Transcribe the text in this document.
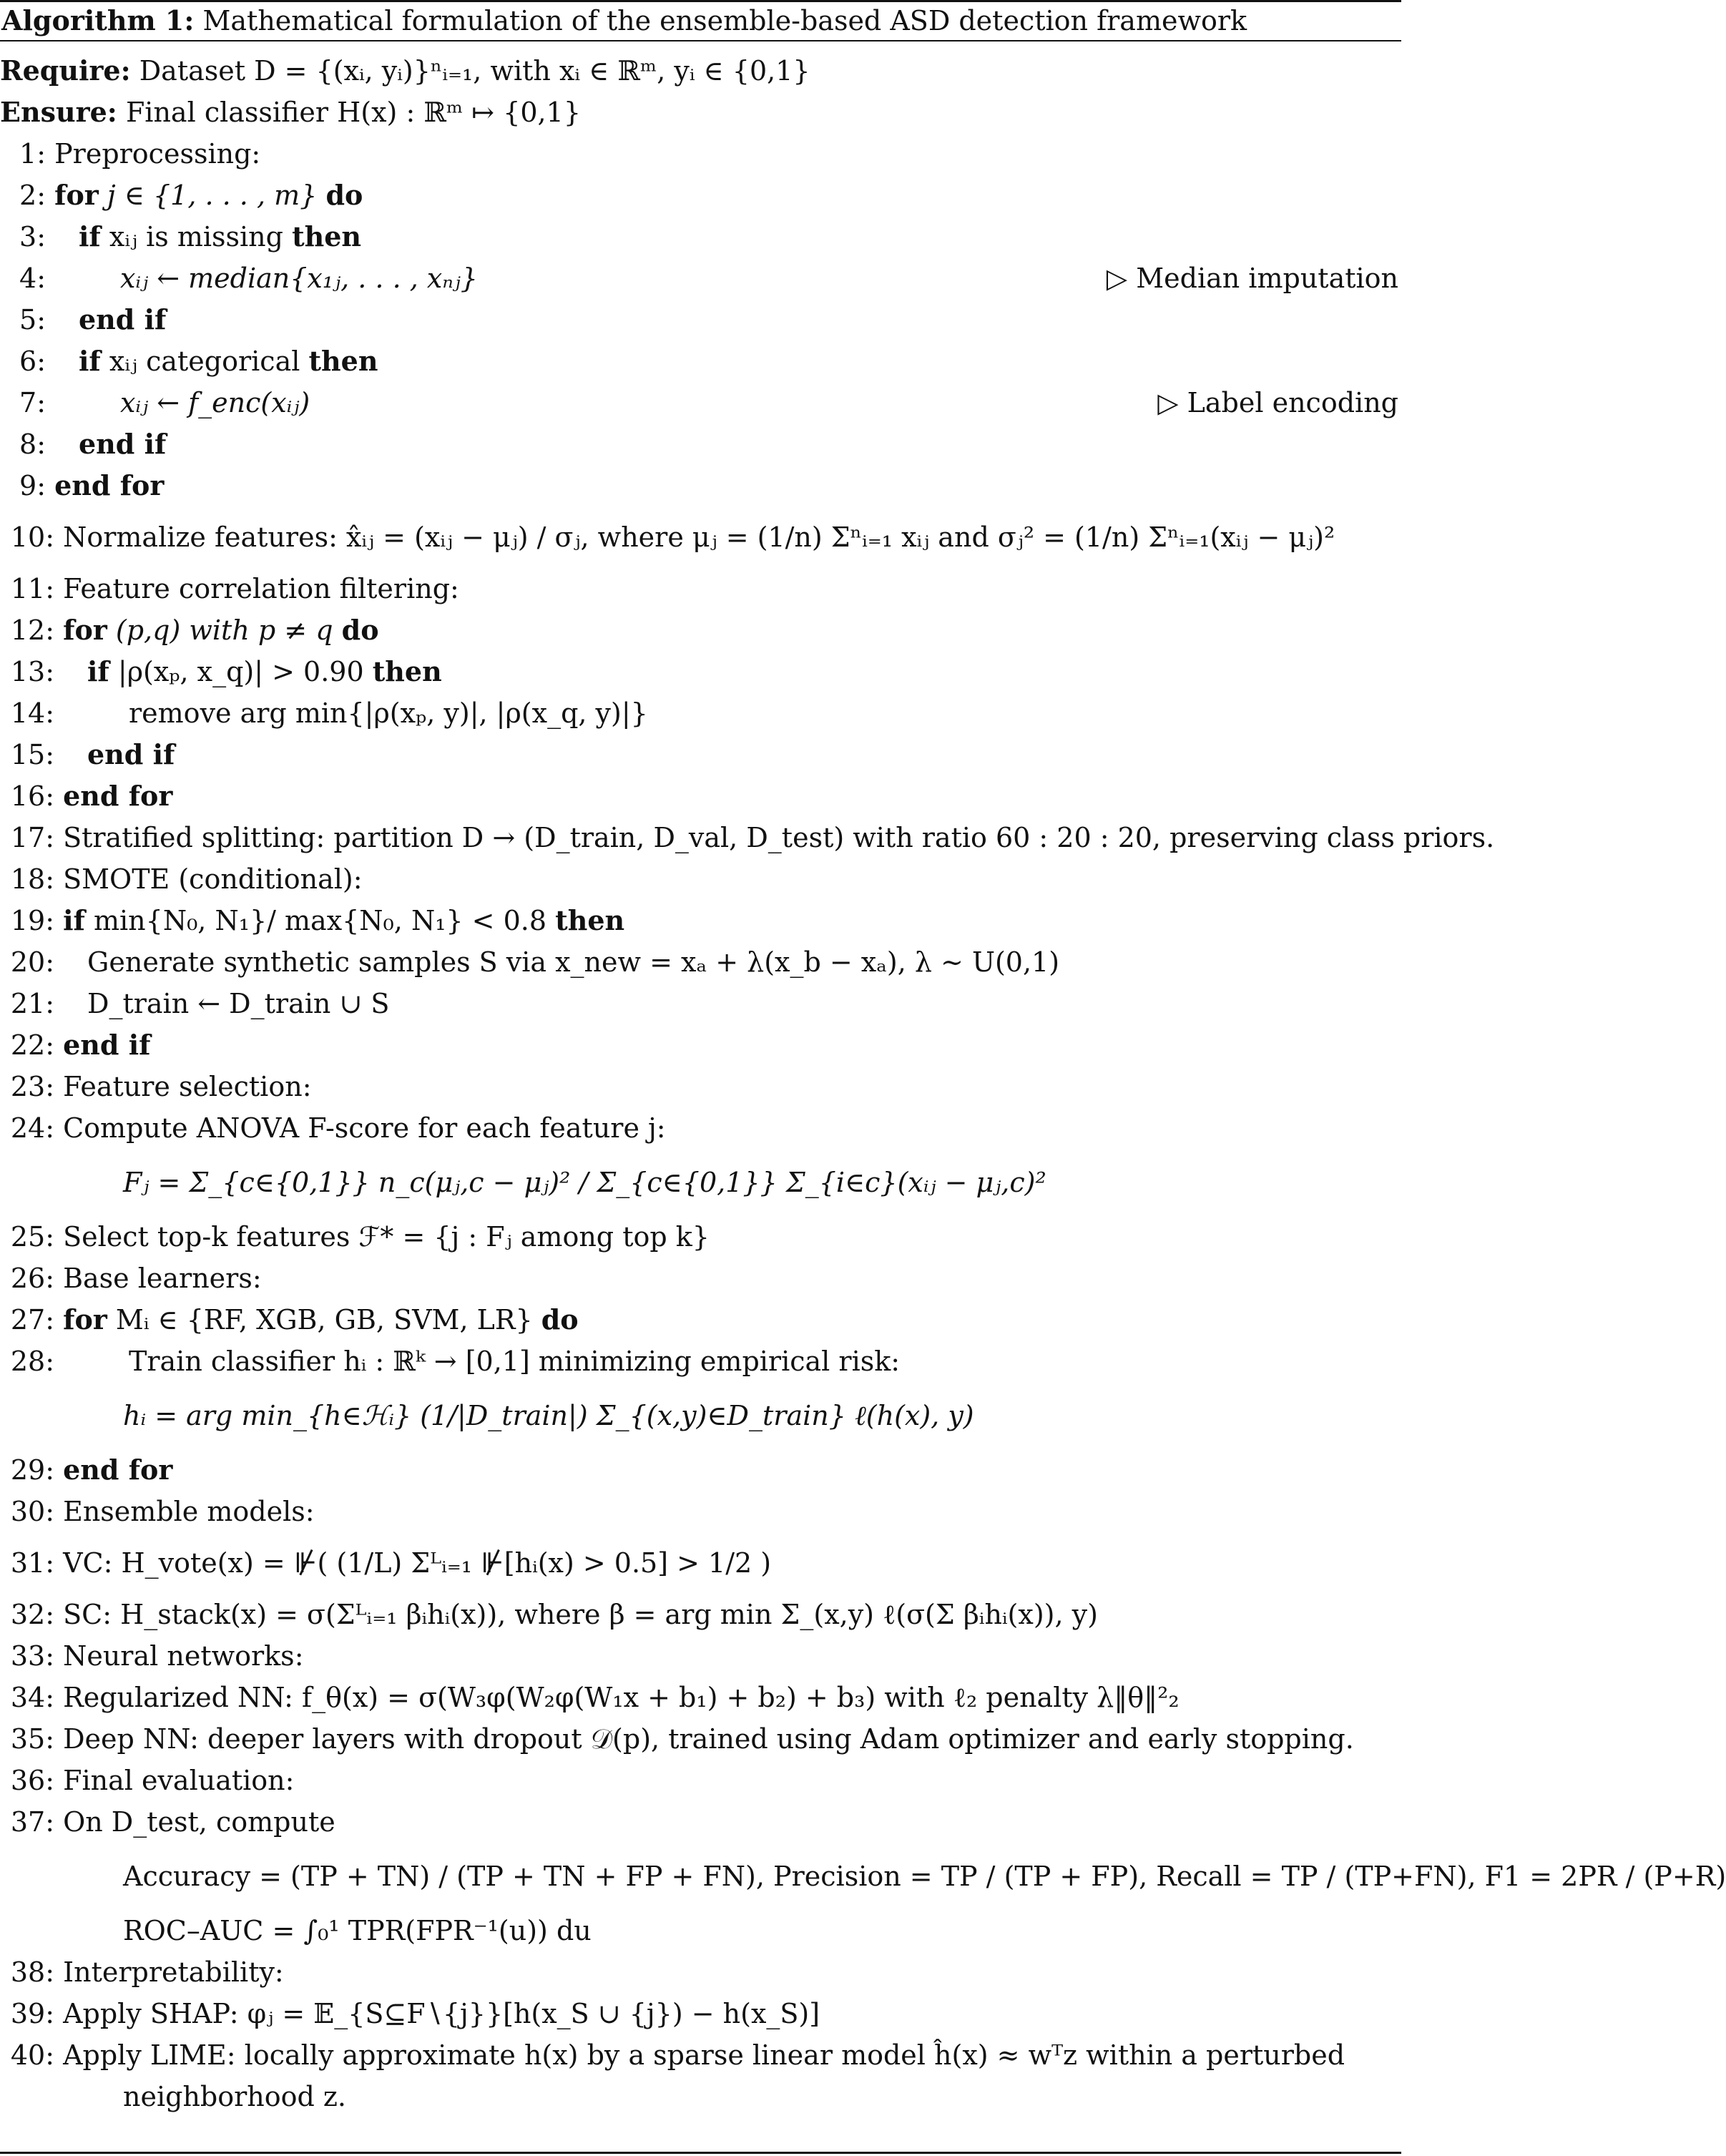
Algorithm 1: Mathematical formulation of the ensemble-based ASD detection framework
Require: Dataset D = {(xᵢ, yᵢ)}ⁿᵢ₌₁, with xᵢ ∈ ℝᵐ, yᵢ ∈ {0,1}
Ensure: Final classifier H(x) : ℝᵐ ↦ {0,1}
1: Preprocessing:
2: for j ∈ {1, . . . , m} do
3: if xᵢⱼ is missing then
4:	xᵢⱼ ← median{x₁ⱼ, . . . , xₙⱼ}	▷ Median imputation
5: end if
6: if xᵢⱼ categorical then
7:	xᵢⱼ ← f_enc(xᵢⱼ)	▷ Label encoding
8: end if
9: end for
10: Normalize features: x̂ᵢⱼ = (xᵢⱼ − μⱼ) / σⱼ, where μⱼ = (1/n) Σⁿᵢ₌₁ xᵢⱼ and σⱼ² = (1/n) Σⁿᵢ₌₁(xᵢⱼ − μⱼ)²
11: Feature correlation filtering:
12: for (p,q) with p ≠ q do
13: if |ρ(xₚ, x_q)| > 0.90 then
14:	remove arg min{|ρ(xₚ, y)|, |ρ(x_q, y)|}
15: end if
16: end for
17: Stratified splitting: partition D → (D_train, D_val, D_test) with ratio 60 : 20 : 20, preserving class priors.
18: SMOTE (conditional):
19: if min{N₀, N₁}/ max{N₀, N₁} < 0.8 then
20: Generate synthetic samples S via x_new = xₐ + λ(x_b − xₐ), λ ∼ U(0,1)
21: D_train ← D_train ∪ S
22: end if
23: Feature selection:
24: Compute ANOVA F-score for each feature j:
Fⱼ = Σ_{c∈{0,1}} n_c(μⱼ,c − μⱼ)² / Σ_{c∈{0,1}} Σ_{i∈c}(xᵢⱼ − μⱼ,c)²
25: Select top-k features ℱ* = {j : Fⱼ among top k}
26: Base learners:
27: for Mᵢ ∈ {RF, XGB, GB, SVM, LR} do
28:	Train classifier hᵢ : ℝᵏ → [0,1] minimizing empirical risk:
hᵢ = arg min_{h∈ℋᵢ} (1/|D_train|) Σ_{(x,y)∈D_train} ℓ(h(x), y)
29: end for
30: Ensemble models:
31: VC: H_vote(x) = ⊮( (1/L) Σᴸᵢ₌₁ ⊮[hᵢ(x) > 0.5] > 1/2 )
32: SC: H_stack(x) = σ(Σᴸᵢ₌₁ βᵢhᵢ(x)), where β = arg min Σ_(x,y) ℓ(σ(Σ βᵢhᵢ(x)), y)
33: Neural networks:
34: Regularized NN: f_θ(x) = σ(W₃φ(W₂φ(W₁x + b₁) + b₂) + b₃) with ℓ₂ penalty λ‖θ‖²₂
35: Deep NN: deeper layers with dropout 𝒟(p), trained using Adam optimizer and early stopping.
36: Final evaluation:
37: On D_test, compute
Accuracy = (TP + TN) / (TP + TN + FP + FN), Precision = TP / (TP + FP), Recall = TP / (TP+FN), F1 = 2PR / (P+R)
ROC–AUC = ∫₀¹ TPR(FPR⁻¹(u)) du
38: Interpretability:
39: Apply SHAP: φⱼ = 𝔼_{S⊆F∖{j}}[h(x_S ∪ {j}) − h(x_S)]
40: Apply LIME: locally approximate h(x) by a sparse linear model ĥ(x) ≈ wᵀz within a perturbed
neighborhood z.
